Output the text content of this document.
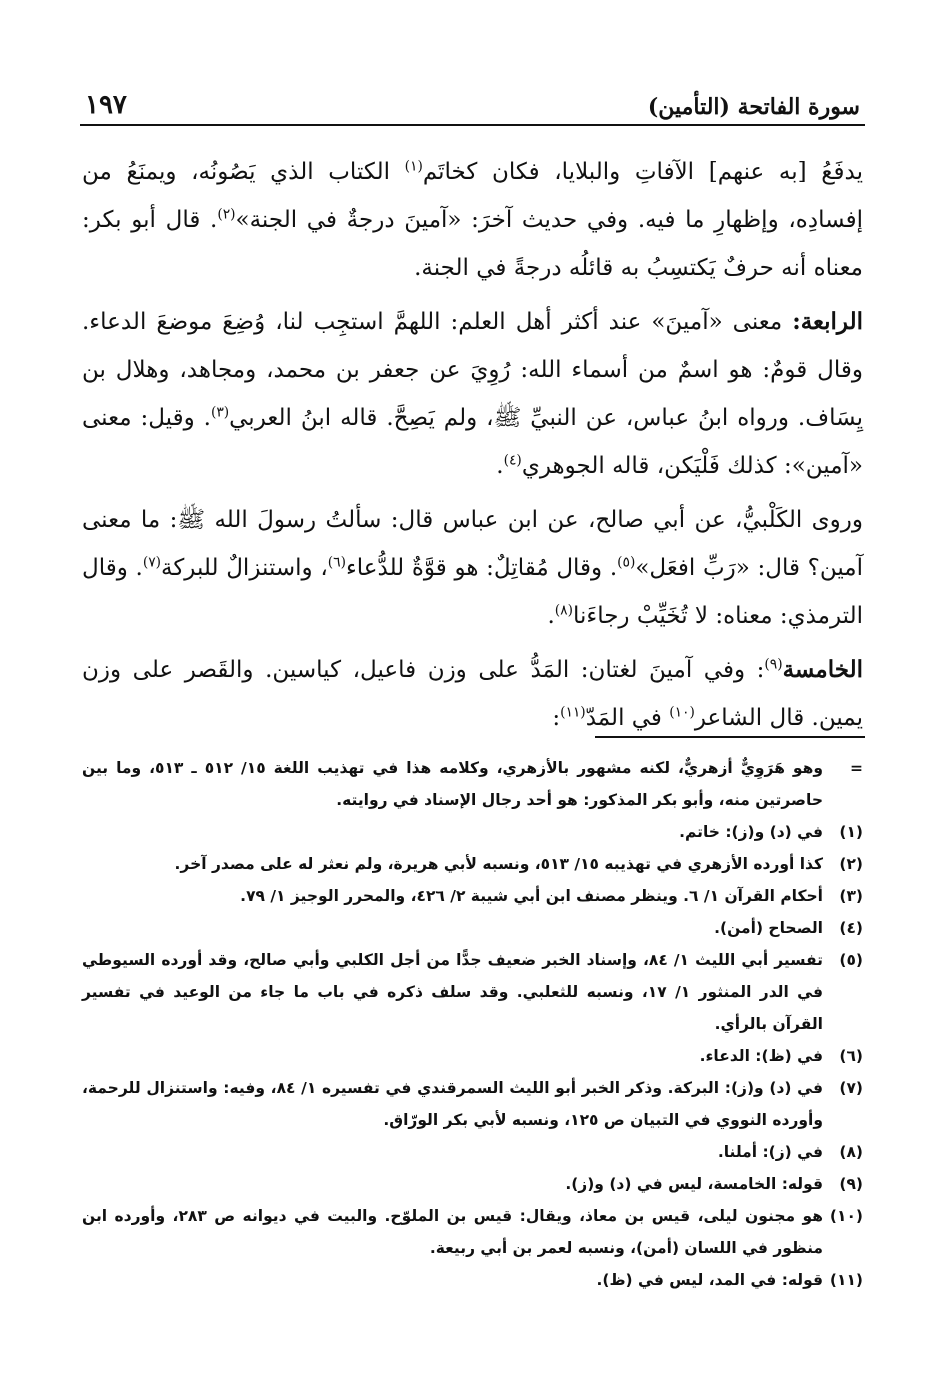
سورة الفاتحة (التأمين)
١٩٧

يدفَعُ [به عنهم] الآفاتِ والبلايا، فكان كخاتَم$^{(١)}$ الكتاب الذي يَصُونُه، ويمنَعُ من إفسادِه، وإظهارِ ما فيه. وفي حديث آخرَ: «آمينَ درجةٌ في الجنة»$^{(٢)}$. قال أبو بكر: معناه أنه حرفٌ يَكتسِبُ به قائلُه درجةً في الجنة.

الرابعة: معنى «آمينَ» عند أكثر أهل العلم: اللهمَّ استجِب لنا، وُضِعَ موضعَ الدعاء. وقال قومٌ: هو اسمٌ من أسماء الله: رُوِيَ عن جعفر بن محمد، ومجاهد، وهلال بن يِسَاف. ورواه ابنُ عباس، عن النبيِّ ﷺ، ولم يَصِحَّ. قاله ابنُ العربي$^{(٣)}$. وقيل: معنى «آمين»: كذلك فَلْيَكن، قاله الجوهري$^{(٤)}$.

وروى الكَلْبيُّ، عن أبي صالح، عن ابن عباس قال: سألتُ رسولَ الله ﷺ: ما معنى آمين؟ قال: «رَبِّ افعَل»$^{(٥)}$. وقال مُقاتِلٌ: هو قوَّةٌ للدُّعاء$^{(٦)}$، واستنزالٌ للبركة$^{(٧)}$. وقال الترمذي: معناه: لا تُخَيِّبْ رجاءَنا$^{(٨)}$.

الخامسة$^{(٩)}$: وفي آمينَ لغتان: المَدُّ على وزن فاعيل، كياسين. والقَصر على وزن يمين. قال الشاعر$^{(١٠)}$ في المَدّ$^{(١١)}$:

=
وهو هَرَوِيٌّ أزهريٌّ، لكنه مشهور بالأزهري، وكلامه هذا في تهذيب اللغة ١٥/ ٥١٢ ـ ٥١٣، وما بين حاصرتين منه، وأبو بكر المذكور: هو أحد رجال الإسناد في روايته.
(١)
في (د) و(ز): خاتم.
(٢)
كذا أورده الأزهري في تهذيبه ١٥/ ٥١٣، ونسبه لأبي هريرة، ولم نعثر له على مصدر آخر.
(٣)
أحكام القرآن ١/ ٦. وينظر مصنف ابن أبي شيبة ٢/ ٤٢٦، والمحرر الوجيز ١/ ٧٩.
(٤)
الصحاح (أمن).
(٥)
تفسير أبي الليث ١/ ٨٤، وإسناد الخبر ضعيف جدًّا من أجل الكلبي وأبي صالح، وقد أورده السيوطي في الدر المنثور ١/ ١٧، ونسبه للثعلبي. وقد سلف ذكره في باب ما جاء من الوعيد في تفسير القرآن بالرأي.
(٦)
في (ظ): الدعاء.
(٧)
في (د) و(ز): البركة. وذكر الخبر أبو الليث السمرقندي في تفسيره ١/ ٨٤، وفيه: واستنزال للرحمة، وأورده النووي في التبيان ص ١٢٥، ونسبه لأبي بكر الورّاق.
(٨)
في (ز): أملنا.
(٩)
قوله: الخامسة، ليس في (د) و(ز).
(١٠)
هو مجنون ليلى، قيس بن معاذ، ويقال: قيس بن الملوّح. والبيت في ديوانه ص ٢٨٣، وأورده ابن منظور في اللسان (أمن)، ونسبه لعمر بن أبي ربيعة.
(١١)
قوله: في المد، ليس في (ظ).
